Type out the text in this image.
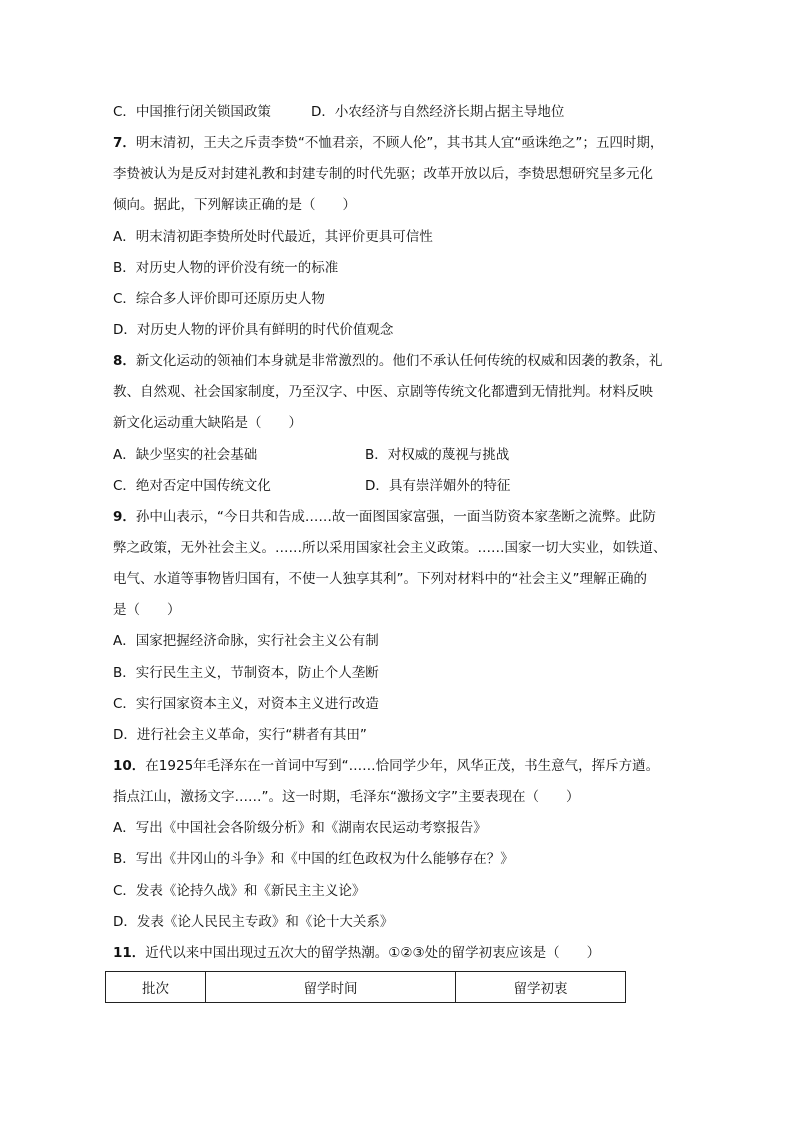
C．中国推行闭关锁国政策	D．小农经济与自然经济长期占据主导地位
7．明末清初，王夫之斥责李贽“不恤君亲，不顾人伦”，其书其人宜“亟诛绝之”；五四时期，
李贽被认为是反对封建礼教和封建专制的时代先驱；改革开放以后，李贽思想研究呈多元化
倾向。据此，下列解读正确的是（　　）
A．明末清初距李贽所处时代最近，其评价更具可信性
B．对历史人物的评价没有统一的标准
C．综合多人评价即可还原历史人物
D．对历史人物的评价具有鲜明的时代价值观念
8．新文化运动的领袖们本身就是非常激烈的。他们不承认任何传统的权威和因袭的教条，礼
教、自然观、社会国家制度，乃至汉字、中医、京剧等传统文化都遭到无情批判。材料反映
新文化运动重大缺陷是（　　）
A．缺少坚实的社会基础	B．对权威的蔑视与挑战
C．绝对否定中国传统文化	D．具有崇洋媚外的特征
9．孙中山表示，“今日共和告成……故一面图国家富强，一面当防资本家垄断之流弊。此防
弊之政策，无外社会主义。……所以采用国家社会主义政策。……国家一切大实业，如铁道、
电气、水道等事物皆归国有，不使一人独享其利”。下列对材料中的“社会主义”理解正确的
是（　　）
A．国家把握经济命脉，实行社会主义公有制
B．实行民生主义，节制资本，防止个人垄断
C．实行国家资本主义，对资本主义进行改造
D．进行社会主义革命，实行“耕者有其田”
10．在1925年毛泽东在一首词中写到“……恰同学少年，风华正茂，书生意气，挥斥方遒。
指点江山，激扬文字……”。这一时期，毛泽东“激扬文字”主要表现在（　　）
A．写出《中国社会各阶级分析》和《湖南农民运动考察报告》
B．写出《井冈山的斗争》和《中国的红色政权为什么能够存在？》
C．发表《论持久战》和《新民主主义论》
D．发表《论人民民主专政》和《论十大关系》
11．近代以来中国出现过五次大的留学热潮。①②③处的留学初衷应该是（　　）
批次	留学时间	留学初衷
